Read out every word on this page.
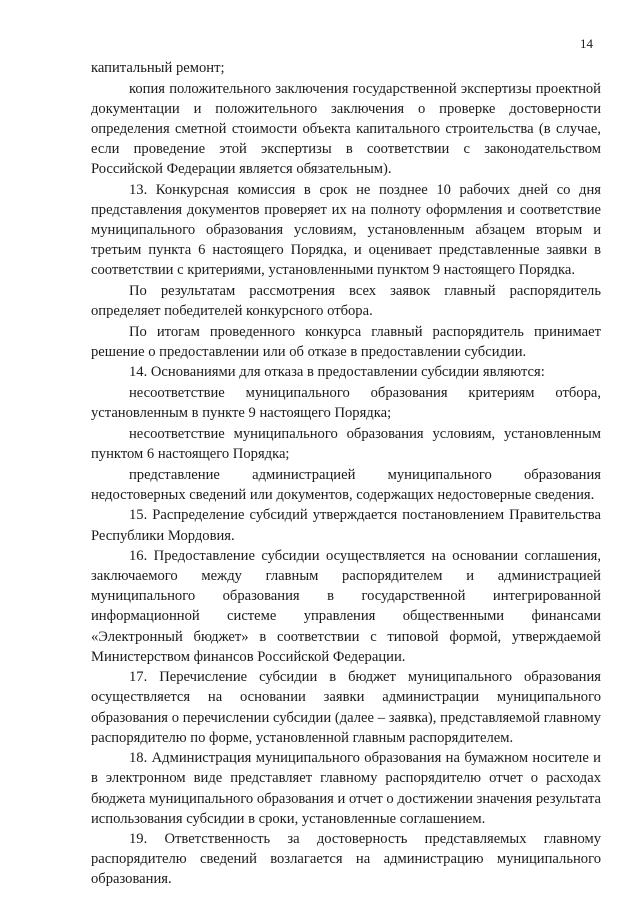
14

капитальный ремонт;

копия положительного заключения государственной экспертизы проектной документации и положительного заключения о проверке достоверности определения сметной стоимости объекта капитального строительства (в случае, если проведение этой экспертизы в соответствии с законодательством Российской Федерации является обязательным).

13. Конкурсная комиссия в срок не позднее 10 рабочих дней со дня представления документов проверяет их на полноту оформления и соответствие муниципального образования условиям, установленным абзацем вторым и третьим пункта 6 настоящего Порядка, и оценивает представленные заявки в соответствии с критериями, установленными пунктом 9 настоящего Порядка.

По результатам рассмотрения всех заявок главный распорядитель определяет победителей конкурсного отбора.

По итогам проведенного конкурса главный распорядитель принимает решение о предоставлении или об отказе в предоставлении субсидии.

14. Основаниями для отказа в предоставлении субсидии являются:

несоответствие муниципального образования критериям отбора, установленным в пункте 9 настоящего Порядка;

несоответствие муниципального образования условиям, установленным пунктом 6 настоящего Порядка;

представление администрацией муниципального образования недостоверных сведений или документов, содержащих недостоверные сведения.

15. Распределение субсидий утверждается постановлением Правительства Республики Мордовия.

16. Предоставление субсидии осуществляется на основании соглашения, заключаемого между главным распорядителем и администрацией муниципального образования в государственной интегрированной информационной системе управления общественными финансами «Электронный бюджет» в соответствии с типовой формой, утверждаемой Министерством финансов Российской Федерации.

17. Перечисление субсидии в бюджет муниципального образования осуществляется на основании заявки администрации муниципального образования о перечислении субсидии (далее – заявка), представляемой главному распорядителю по форме, установленной главным распорядителем.

18. Администрация муниципального образования на бумажном носителе и в электронном виде представляет главному распорядителю отчет о расходах бюджета муниципального образования и отчет о достижении значения результата использования субсидии в сроки, установленные соглашением.

19. Ответственность за достоверность представляемых главному распорядителю сведений возлагается на администрацию муниципального образования.
